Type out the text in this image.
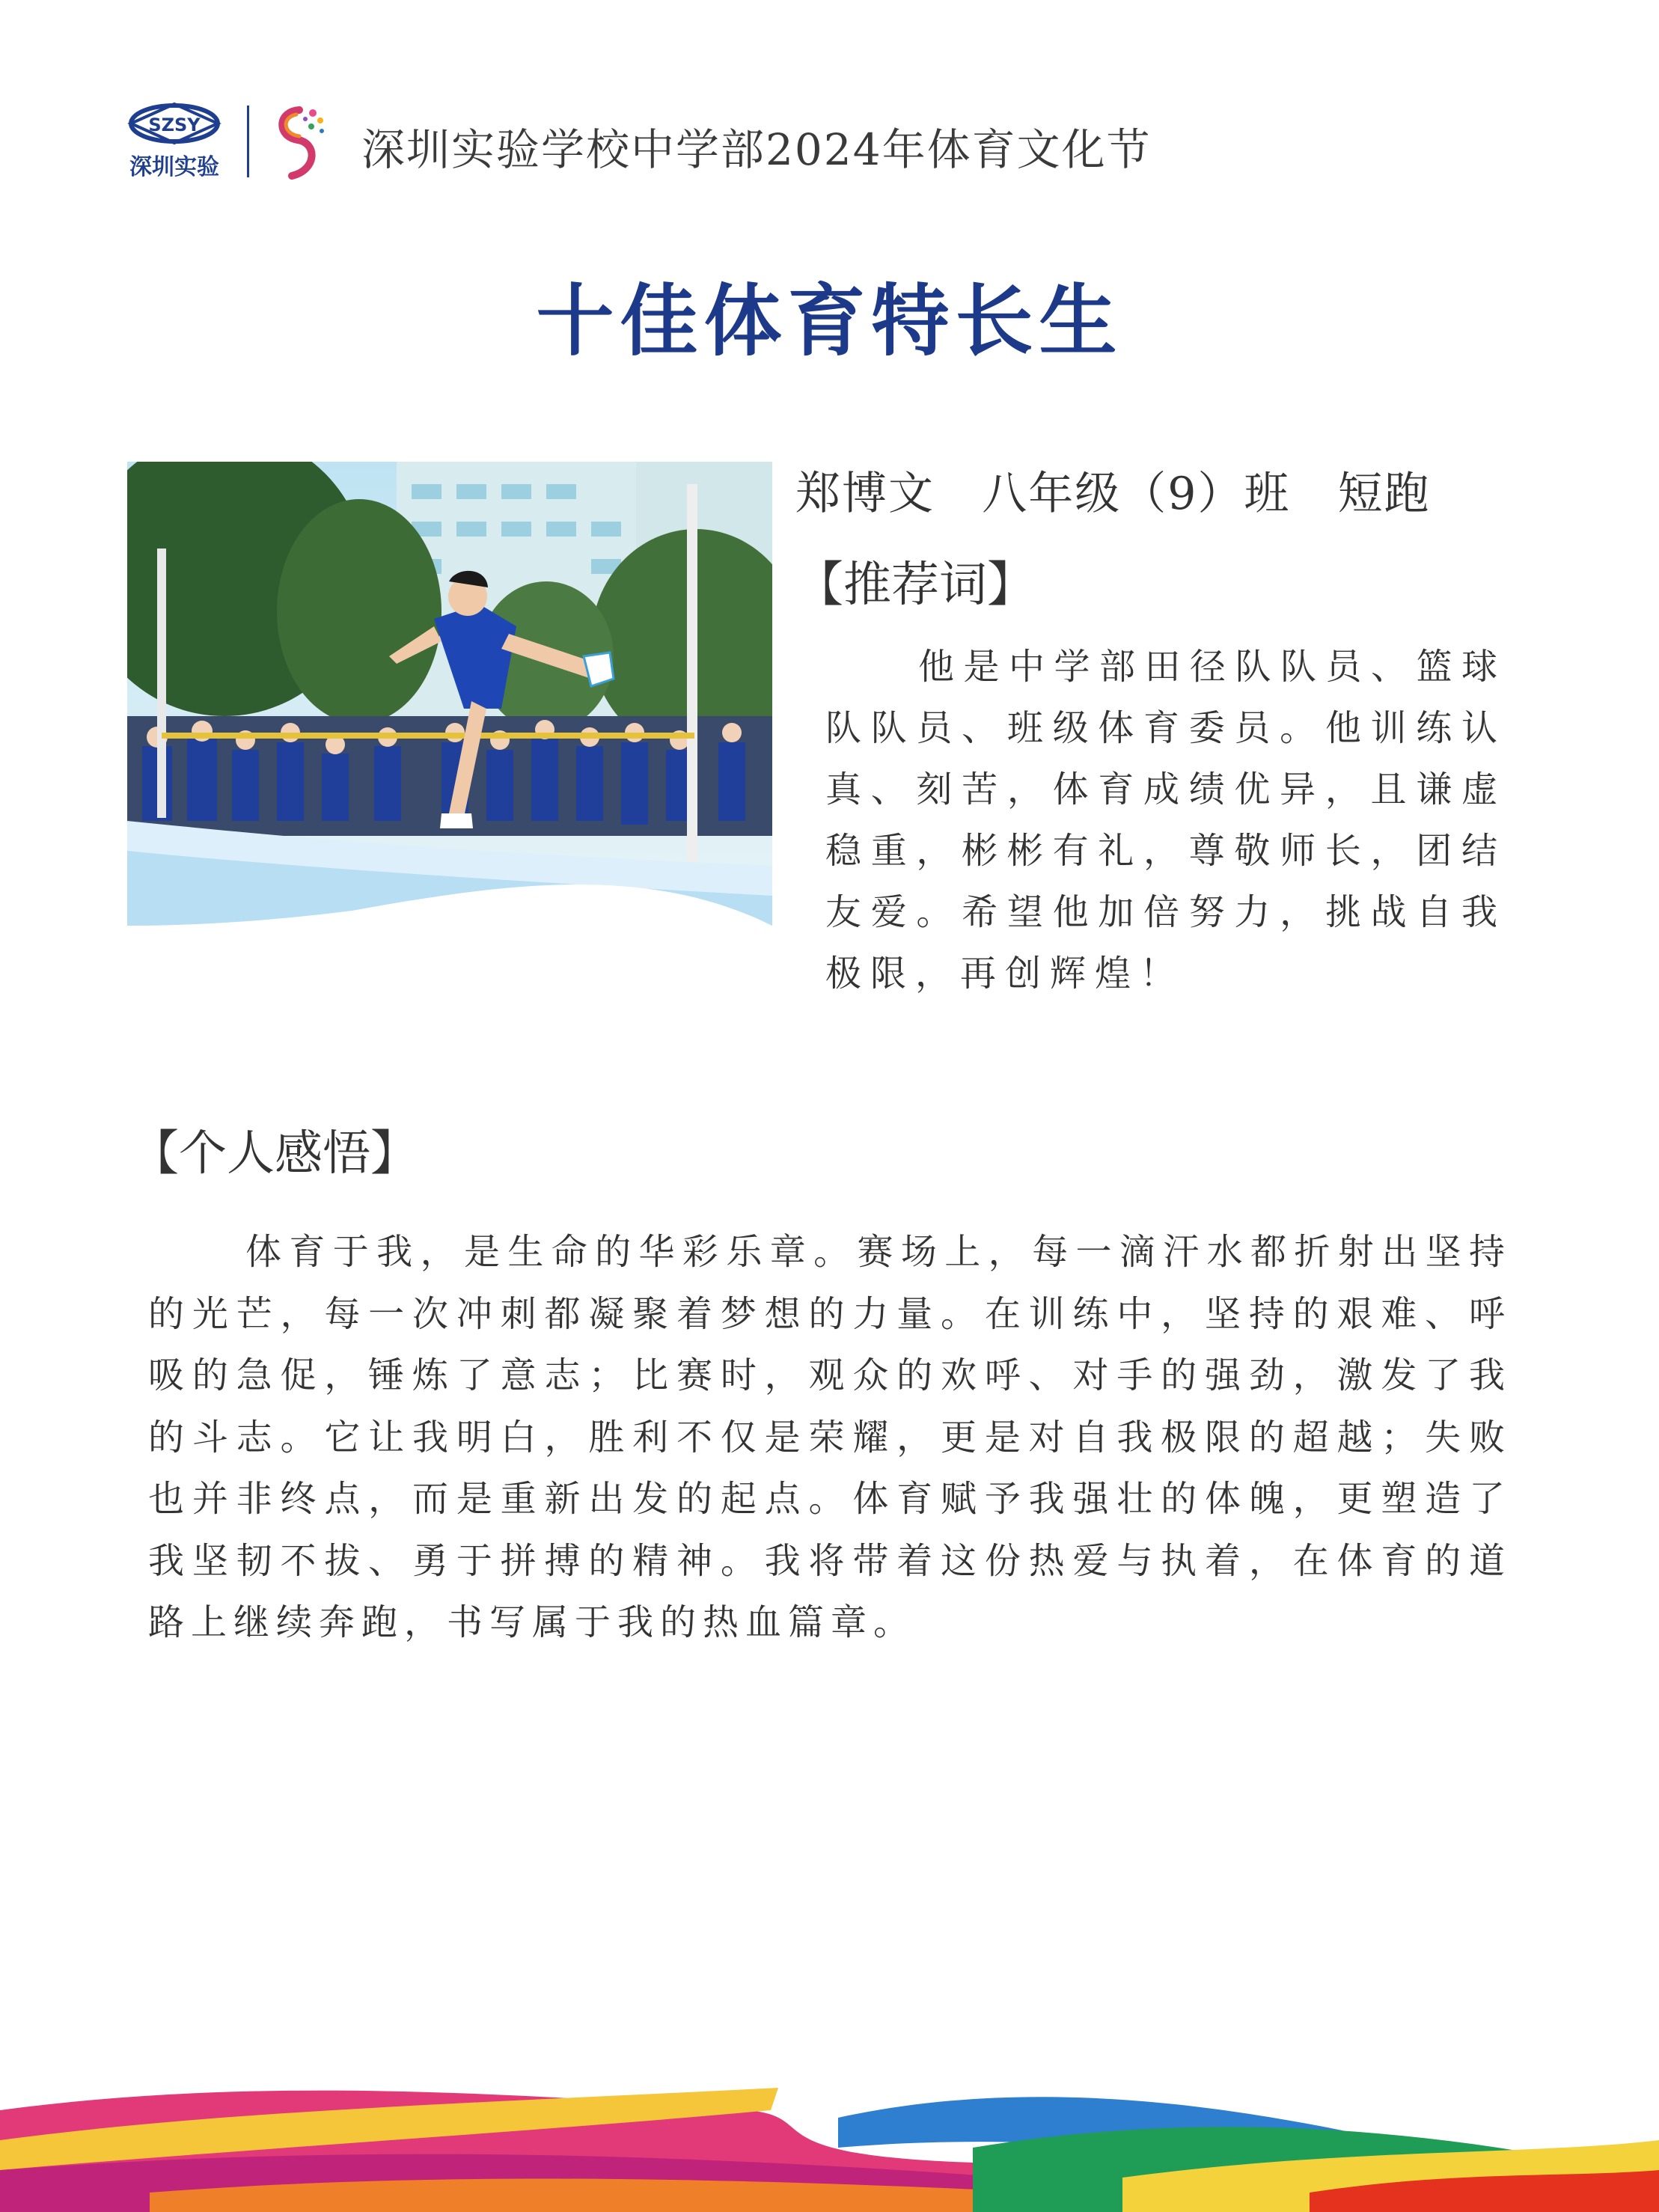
SZSY
深圳实验	深圳实验学校中学部2024年体育文化节
十佳体育特长生
郑博文   八年级（9）班   短跑
【推荐词】
他是中学部田径队队员、篮球队队员、班级体育委员。他训练认真、刻苦，体育成绩优异，且谦虚稳重，彬彬有礼，尊敬师长，团结友爱。希望他加倍努力，挑战自我极限，再创辉煌！
【个人感悟】
体育于我，是生命的华彩乐章。赛场上，每一滴汗水都折射出坚持的光芒，每一次冲刺都凝聚着梦想的力量。在训练中，坚持的艰难、呼吸的急促，锤炼了意志；比赛时，观众的欢呼、对手的强劲，激发了我的斗志。它让我明白，胜利不仅是荣耀，更是对自我极限的超越；失败也并非终点，而是重新出发的起点。体育赋予我强壮的体魄，更塑造了我坚韧不拔、勇于拼搏的精神。我将带着这份热爱与执着，在体育的道路上继续奔跑，书写属于我的热血篇章。
